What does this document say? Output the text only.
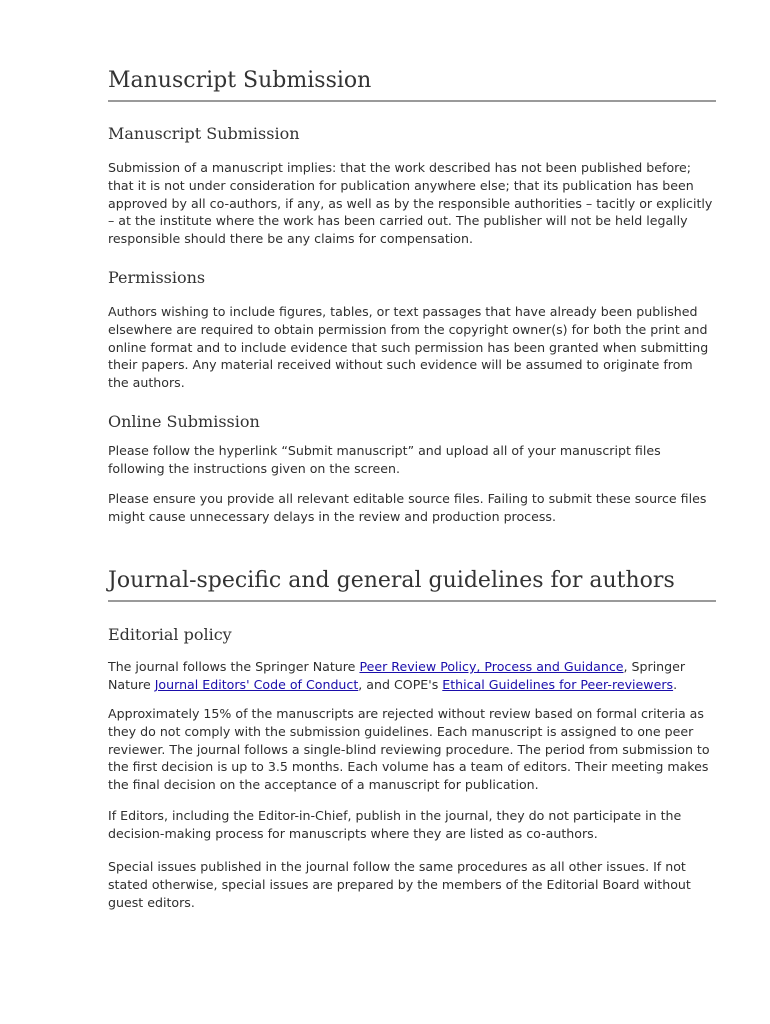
Manuscript Submission
Manuscript Submission

Submission of a manuscript implies: that the work described has not been published before; that it is not under consideration for publication anywhere else; that its publication has been approved by all co-authors, if any, as well as by the responsible authorities – tacitly or explicitly – at the institute where the work has been carried out. The publisher will not be held legally responsible should there be any claims for compensation.

Permissions

Authors wishing to include figures, tables, or text passages that have already been published elsewhere are required to obtain permission from the copyright owner(s) for both the print and online format and to include evidence that such permission has been granted when submitting their papers. Any material received without such evidence will be assumed to originate from the authors.

Online Submission

Please follow the hyperlink “Submit manuscript” and upload all of your manuscript files following the instructions given on the screen.

Please ensure you provide all relevant editable source files. Failing to submit these source files might cause unnecessary delays in the review and production process.

Journal-specific and general guidelines for authors
Editorial policy

The journal follows the Springer Nature Peer Review Policy, Process and Guidance, Springer Nature Journal Editors' Code of Conduct, and COPE's Ethical Guidelines for Peer-reviewers.

Approximately 15% of the manuscripts are rejected without review based on formal criteria as they do not comply with the submission guidelines. Each manuscript is assigned to one peer reviewer. The journal follows a single-blind reviewing procedure. The period from submission to the first decision is up to 3.5 months. Each volume has a team of editors. Their meeting makes the final decision on the acceptance of a manuscript for publication.

If Editors, including the Editor-in-Chief, publish in the journal, they do not participate in the decision-making process for manuscripts where they are listed as co-authors.

Special issues published in the journal follow the same procedures as all other issues. If not stated otherwise, special issues are prepared by the members of the Editorial Board without guest editors.
